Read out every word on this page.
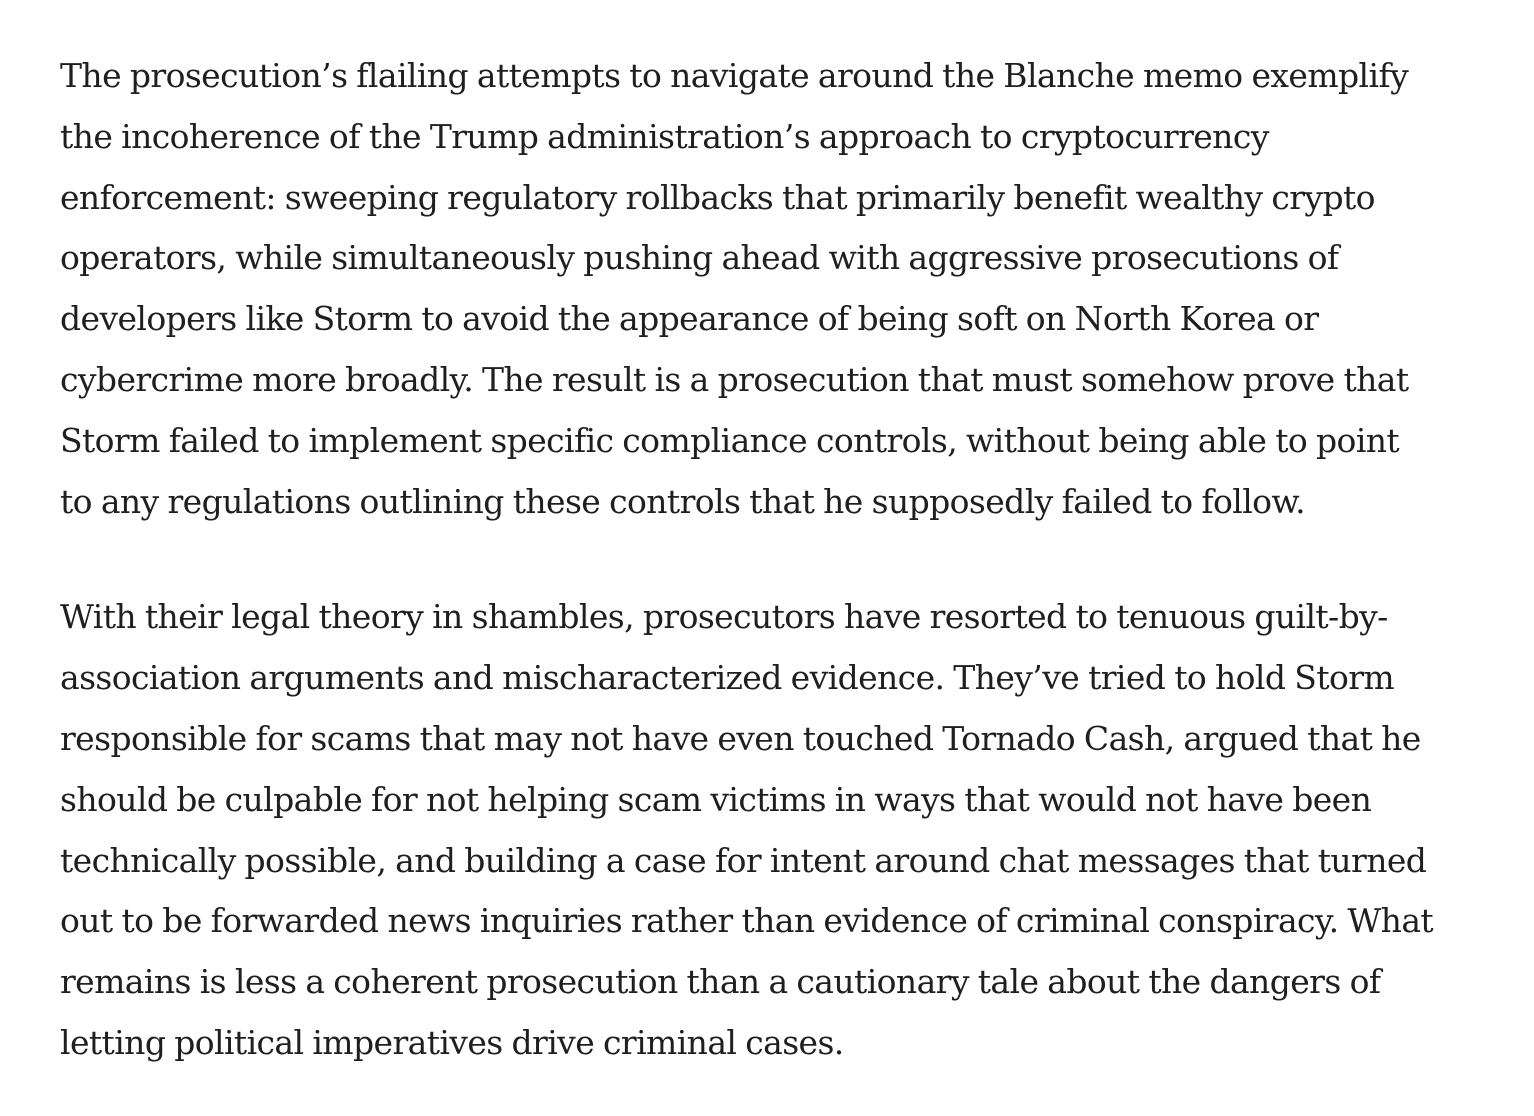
The prosecution’s flailing attempts to navigate around the Blanche memo exemplify
the incoherence of the Trump administration’s approach to cryptocurrency
enforcement: sweeping regulatory rollbacks that primarily benefit wealthy crypto
operators, while simultaneously pushing ahead with aggressive prosecutions of
developers like Storm to avoid the appearance of being soft on North Korea or
cybercrime more broadly. The result is a prosecution that must somehow prove that
Storm failed to implement specific compliance controls, without being able to point
to any regulations outlining these controls that he supposedly failed to follow.

With their legal theory in shambles, prosecutors have resorted to tenuous guilt-by-
association arguments and mischaracterized evidence. They’ve tried to hold Storm
responsible for scams that may not have even touched Tornado Cash, argued that he
should be culpable for not helping scam victims in ways that would not have been
technically possible, and building a case for intent around chat messages that turned
out to be forwarded news inquiries rather than evidence of criminal conspiracy. What
remains is less a coherent prosecution than a cautionary tale about the dangers of
letting political imperatives drive criminal cases.
